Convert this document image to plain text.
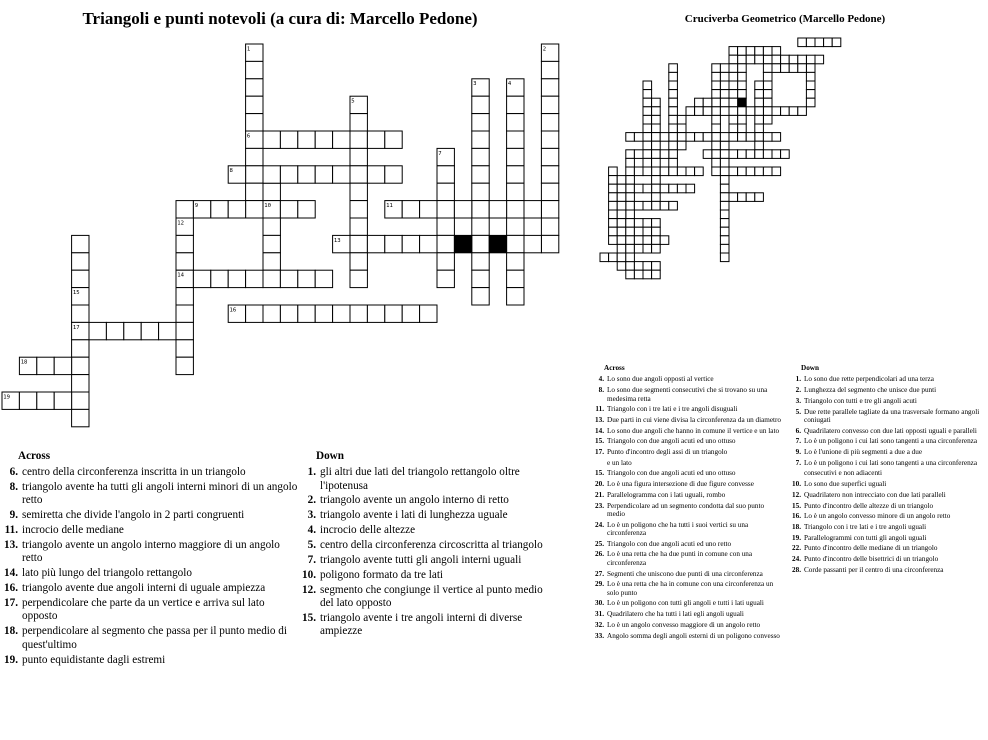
Triangoli e punti notevoli (a cura di: Marcello Pedone)	Cruciverba Geometrico (Marcello Pedone)
1	2
3	4
5
6
7
8
9	10	11
12
13
14
15
16
17
18
19
Across
6. centro della circonferenza inscritta in un triangolo
8. triangolo avente ha tutti gli angoli interni minori di un angolo retto
9. semiretta che divide l'angolo in 2 parti congruenti
11. incrocio delle mediane
13. triangolo avente un angolo interno maggiore di un angolo retto
14. lato più lungo del triangolo rettangolo
16. triangolo avente due angoli interni di uguale ampiezza
17. perpendicolare che parte da un vertice e arriva sul lato opposto
18. perpendicolare al segmento che passa per il punto medio di quest'ultimo
19. punto equidistante dagli estremi
Down
1. gli altri due lati del triangolo rettangolo oltre l'ipotenusa
2. triangolo avente un angolo interno di retto
3. triangolo avente i lati di lunghezza uguale
4. incrocio delle altezze
5. centro della circonferenza circoscritta al triangolo
7. triangolo avente tutti gli angoli interni uguali
10. poligono formato da tre lati
12. segmento che congiunge il vertice al punto medio del lato opposto
15. triangolo avente i tre angoli interni di diverse ampiezze
Across
4. Lo sono due angoli opposti al vertice
8. Lo sono due segmenti consecutivi che si trovano su una medesima retta
11. Triangolo con i tre lati e i tre angoli disuguali
13. Due parti in cui viene divisa la circonferenza da un diametro
14. Lo sono due angoli che hanno in comune il vertice e un lato
15. Triangolo con due angoli acuti ed uno ottuso
17. Punto d'incontro degli assi di un triangolo
e un lato
15. Triangolo con due angoli acuti ed uno ottuso
20. Lo è una figura intersezione di due figure convesse
21. Parallelogramma con i lati uguali, rombo
23. Perpendicolare ad un segmento condotta dal suo punto medio
24. Lo è un poligono che ha tutti i suoi vertici su una circonferenza
25. Triangolo con due angoli acuti ed uno retto
26. Lo è una retta che ha due punti in comune con una circonferenza
27. Segmenti che uniscono due punti di una circonferenza
29. Lo è una retta che ha in comune con una circonferenza un solo punto
30. Lo è un poligono con tutti gli angoli e tutti i lati uguali
31. Quadrilatero che ha tutti i lati egli angoli uguali
32. Lo è un angolo convesso maggiore di un angolo retto
33. Angolo somma degli angoli esterni di un poligono convesso
Down
1. Lo sono due rette perpendicolari ad una terza
2. Lunghezza del segmento che unisce due punti
3. Triangolo con tutti e tre gli angoli acuti
5. Due rette parallele tagliate da una trasversale formano angoli coniugati
6. Quadrilatero convesso con due lati opposti uguali e paralleli
7. Lo è un poligono i cui lati sono tangenti a una circonferenza
9. Lo è l'unione di più segmenti a due a due
7. Lo è un poligono i cui lati sono tangenti a una circonferenza
consecutivi e non adiacenti
10. Lo sono due superfici uguali
12. Quadrilatero non intrecciato con due lati paralleli
15. Punto d'incontro delle altezze di un triangolo
16. Lo è un angolo convesso minore di un angolo retto
18. Triangolo con i tre lati e i tre angoli uguali
19. Parallelogrammi con tutti gli angoli uguali
22. Punto d'incontro delle mediane di un triangolo
24. Punto d'incontro delle bisettrici di un triangolo
28. Corde passanti per il centro di una circonferenza
